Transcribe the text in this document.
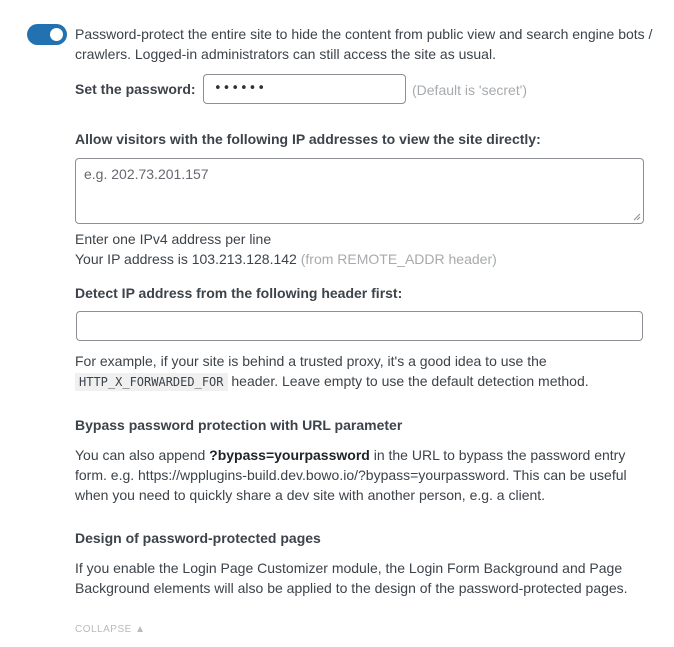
Password-protect the entire site to hide the content from public view and search engine bots / crawlers. Logged-in administrators can still access the site as usual.
Set the password:	••••••	(Default is 'secret')
Allow visitors with the following IP addresses to view the site directly:
e.g. 202.73.201.157
Enter one IPv4 address per line
Your IP address is 103.213.128.142 (from REMOTE_ADDR header)
Detect IP address from the following header first:
For example, if your site is behind a trusted proxy, it's a good idea to use the
HTTP_X_FORWARDED_FOR header. Leave empty to use the default detection method.
Bypass password protection with URL parameter
You can also append ?bypass=yourpassword in the URL to bypass the password entry form. e.g. https://wpplugins-build.dev.bowo.io/?bypass=yourpassword. This can be useful when you need to quickly share a dev site with another person, e.g. a client.
Design of password-protected pages
If you enable the Login Page Customizer module, the Login Form Background and Page Background elements will also be applied to the design of the password-protected pages.
COLLAPSE ▲
